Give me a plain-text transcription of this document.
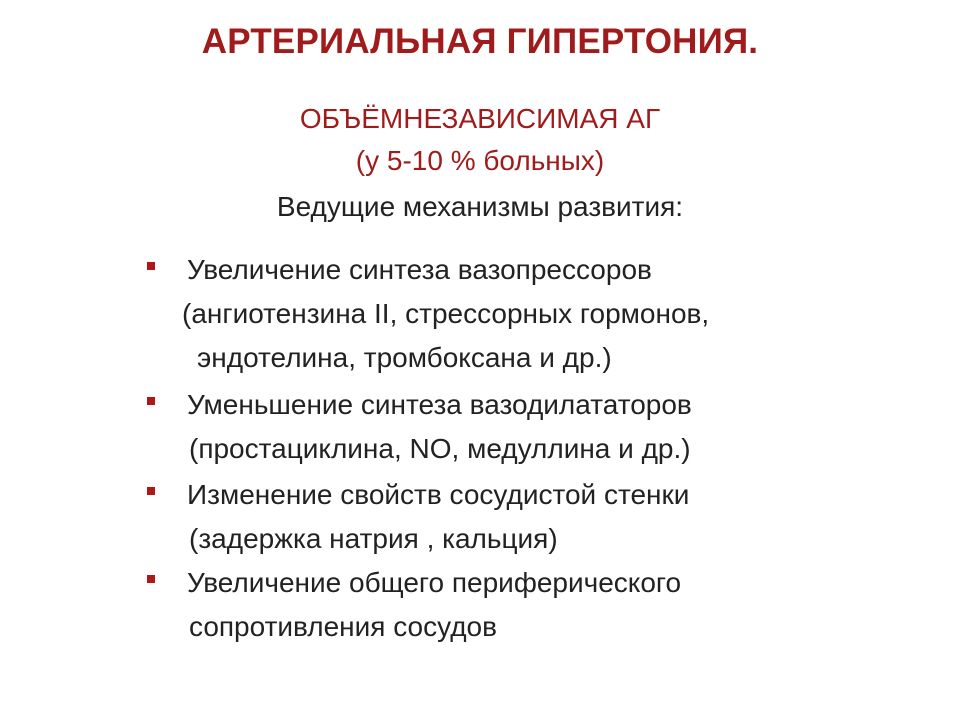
АРТЕРИАЛЬНАЯ ГИПЕРТОНИЯ.
ОБЪЁМНЕЗАВИСИМАЯ АГ
(у 5-10 % больных)
Ведущие механизмы развития:
Увеличение синтеза вазопрессоров
(ангиотензина II, стрессорных гормонов,
эндотелина, тромбоксана и др.)
Уменьшение синтеза вазодилататоров
(простациклина, NO, медуллина и др.)
Изменение свойств сосудистой стенки
(задержка натрия , кальция)
Увеличение общего периферического
сопротивления сосудов
